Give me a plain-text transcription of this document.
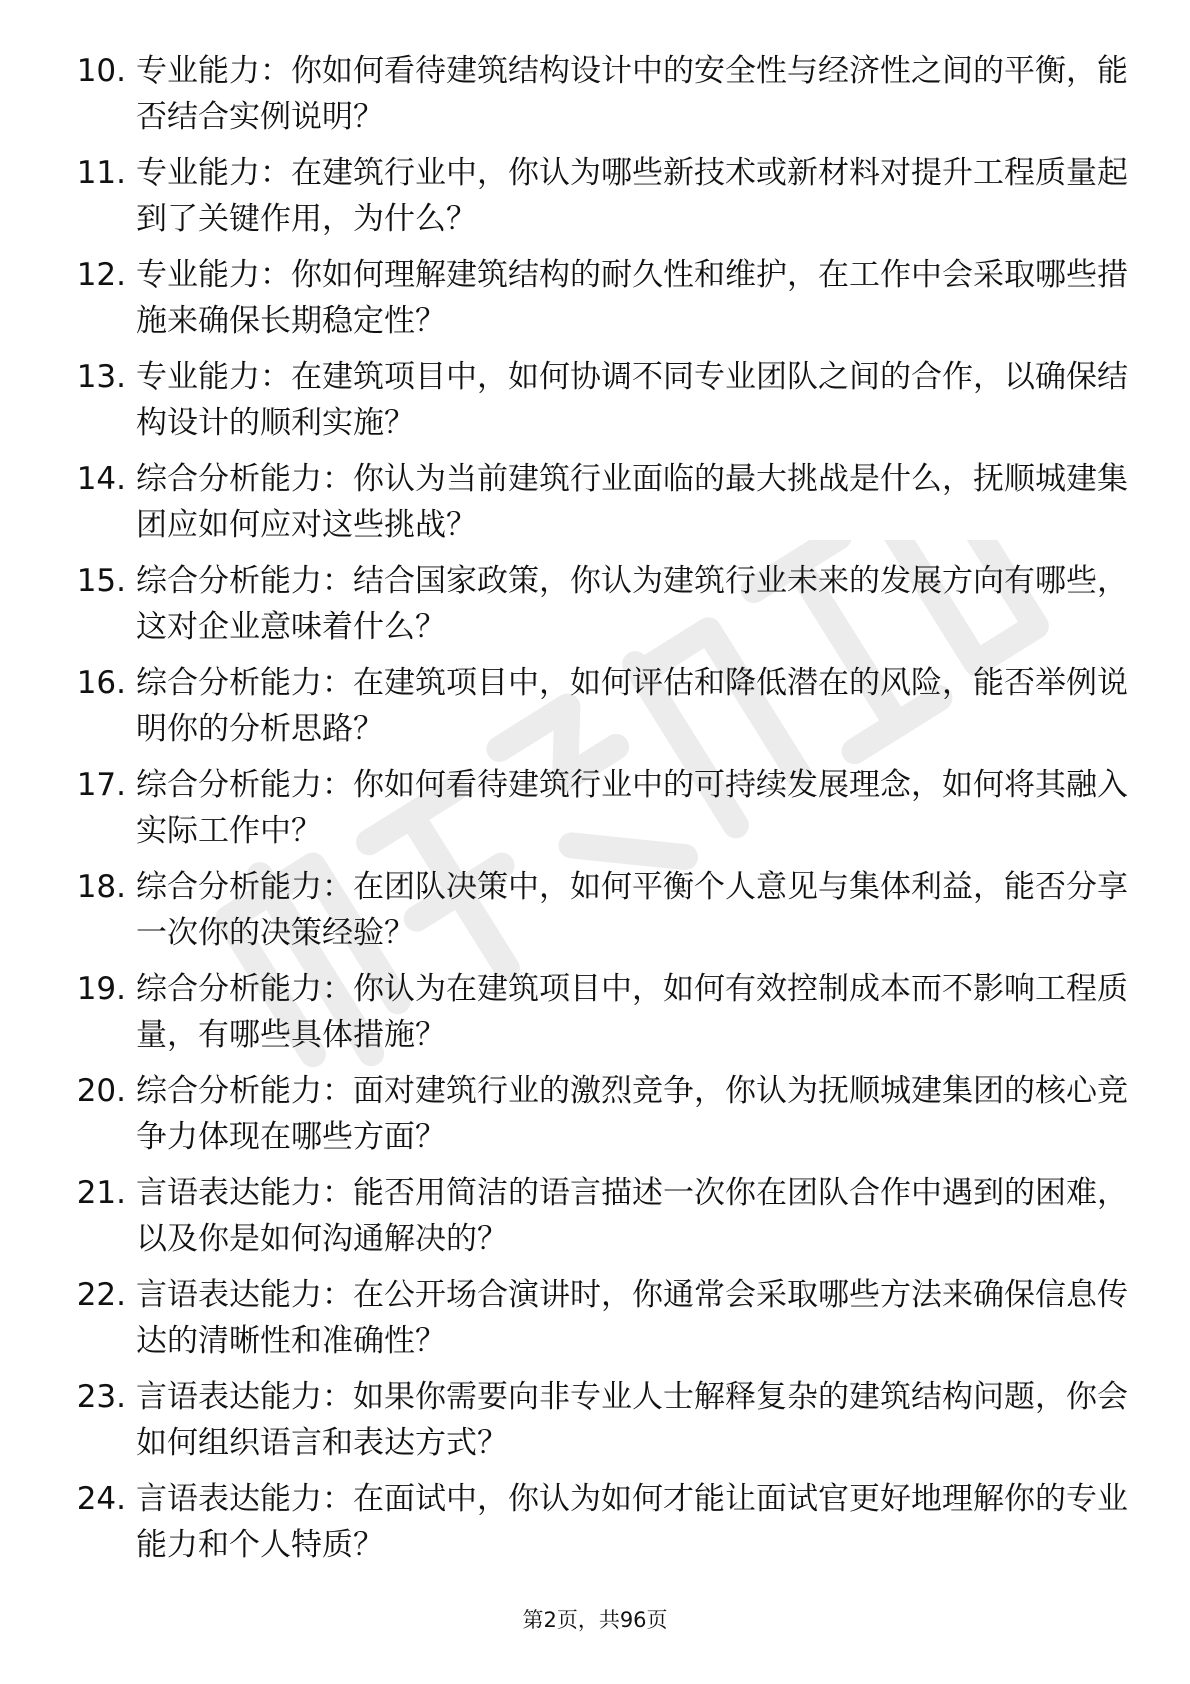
10. 专业能力：你如何看待建筑结构设计中的安全性与经济性之间的平衡，能否结合实例说明？
11. 专业能力：在建筑行业中，你认为哪些新技术或新材料对提升工程质量起到了关键作用，为什么？
12. 专业能力：你如何理解建筑结构的耐久性和维护，在工作中会采取哪些措施来确保长期稳定性？
13. 专业能力：在建筑项目中，如何协调不同专业团队之间的合作，以确保结构设计的顺利实施？
14. 综合分析能力：你认为当前建筑行业面临的最大挑战是什么，抚顺城建集团应如何应对这些挑战？
15. 综合分析能力：结合国家政策，你认为建筑行业未来的发展方向有哪些，这对企业意味着什么？
16. 综合分析能力：在建筑项目中，如何评估和降低潜在的风险，能否举例说明你的分析思路？
17. 综合分析能力：你如何看待建筑行业中的可持续发展理念，如何将其融入实际工作中？
18. 综合分析能力：在团队决策中，如何平衡个人意见与集体利益，能否分享一次你的决策经验？
19. 综合分析能力：你认为在建筑项目中，如何有效控制成本而不影响工程质量，有哪些具体措施？
20. 综合分析能力：面对建筑行业的激烈竞争，你认为抚顺城建集团的核心竞争力体现在哪些方面？
21. 言语表达能力：能否用简洁的语言描述一次你在团队合作中遇到的困难，以及你是如何沟通解决的？
22. 言语表达能力：在公开场合演讲时，你通常会采取哪些方法来确保信息传达的清晰性和准确性？
23. 言语表达能力：如果你需要向非专业人士解释复杂的建筑结构问题，你会如何组织语言和表达方式？
24. 言语表达能力：在面试中，你认为如何才能让面试官更好地理解你的专业能力和个人特质？
第2页，共96页
